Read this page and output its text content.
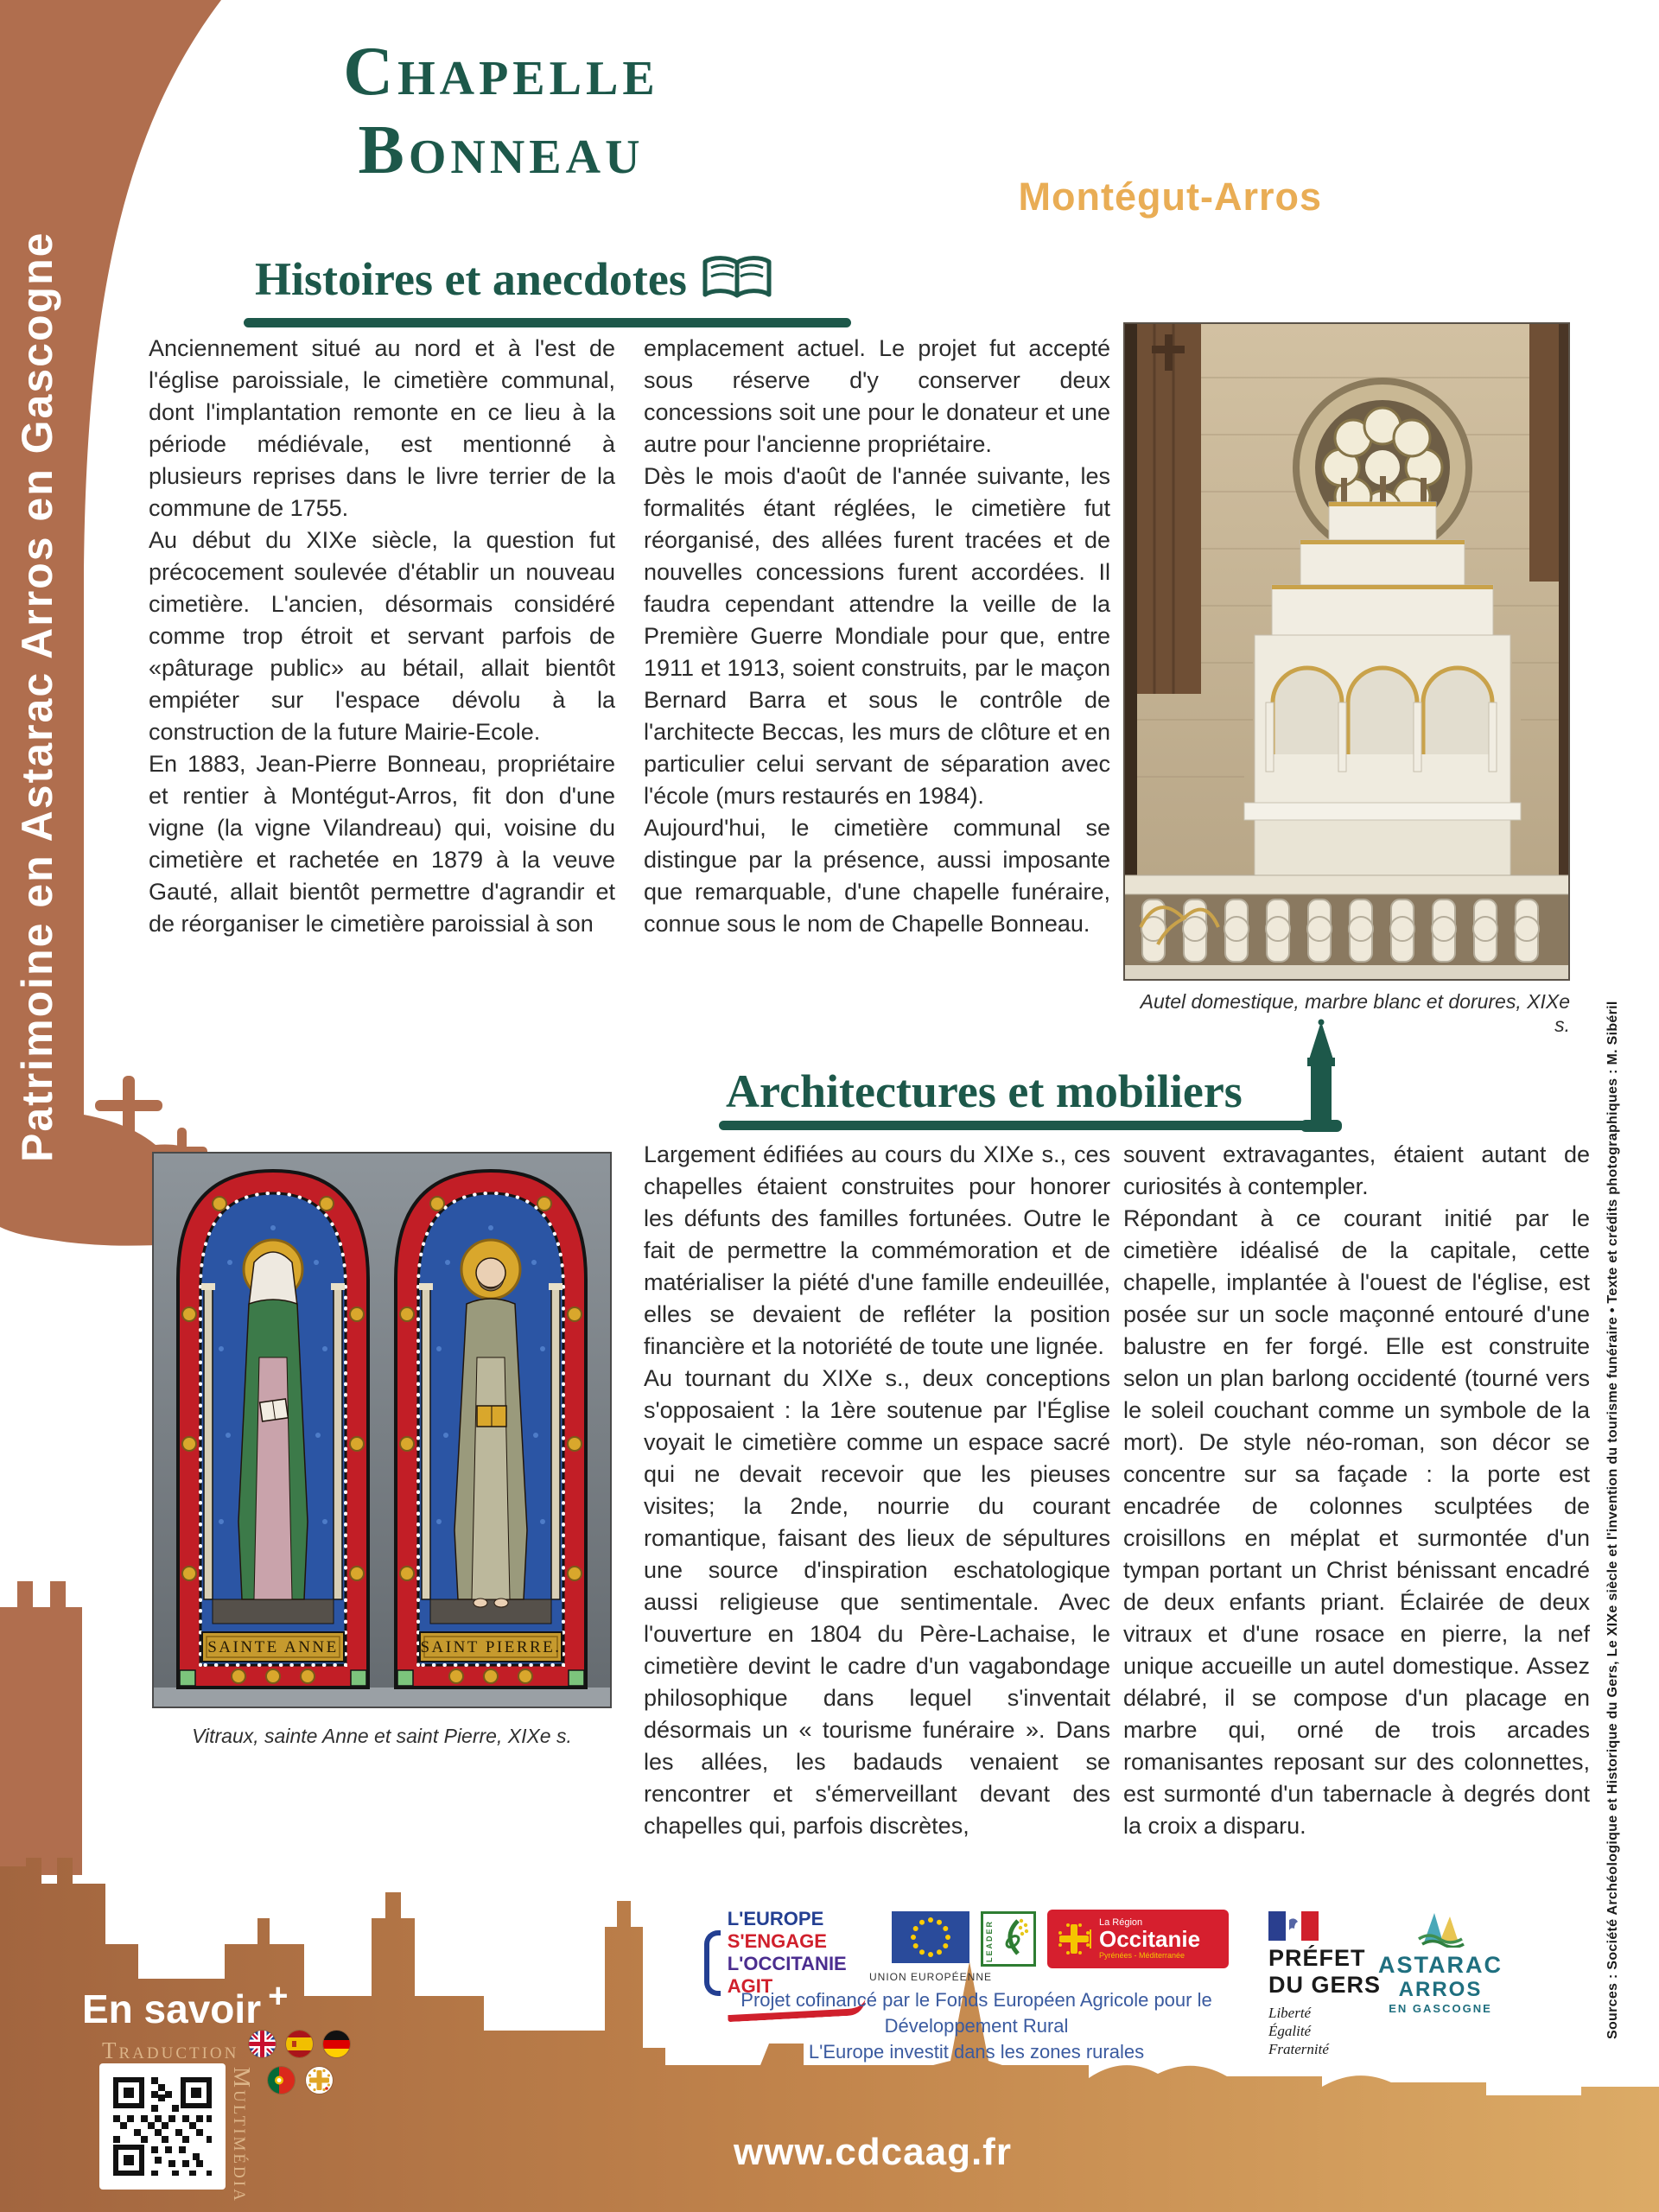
Patrimoine en Astarac Arros en Gascogne
Sources : Société Archéologique et Historique du Gers, Le XIXe siècle et l'invention du tourisme funéraire • Texte et crédits photographiques : M. Sibéril
Chapelle Bonneau
Montégut-Arros
Histoires et anecdotes

Anciennement situé au nord et à l'est de l'église paroissiale, le cimetière communal, dont l'implantation remonte en ce lieu à la période médiévale, est mentionné à plusieurs reprises dans le livre terrier de la commune de 1755.

Au début du XIXe siècle, la question fut précocement soulevée d'établir un nouveau cimetière. L'ancien, désormais considéré comme trop étroit et servant parfois de «pâturage public» au bétail, allait bientôt empiéter sur l'espace dévolu à la construction de la future Mairie-Ecole.

En 1883, Jean-Pierre Bonneau, propriétaire et rentier à Montégut-Arros, fit don d'une vigne (la vigne Vilandreau) qui, voisine du cimetière et rachetée en 1879 à la veuve Gauté, allait bientôt permettre d'agrandir et de réorganiser le cimetière paroissial à son

emplacement actuel. Le projet fut accepté sous réserve d'y conserver deux concessions soit une pour le donateur et une autre pour l'ancienne propriétaire.

Dès le mois d'août de l'année suivante, les formalités étant réglées, le cimetière fut réorganisé, des allées furent tracées et de nouvelles concessions furent accordées. Il faudra cependant attendre la veille de la Première Guerre Mondiale pour que, entre 1911 et 1913, soient construits, par le maçon Bernard Barra et sous le contrôle de l'architecte Beccas, les murs de clôture et en particulier celui servant de séparation avec l'école (murs restaurés en 1984).

Aujourd'hui, le cimetière communal se distingue par la présence, aussi imposante que remarquable, d'une chapelle funéraire, connue sous le nom de Chapelle Bonneau.

Autel domestique, marbre blanc et dorures, XIXe s.
Architectures et mobiliers
SAINTE ANNE	SAINT PIERRE.
Vitraux, sainte Anne et saint Pierre, XIXe s.

Largement édifiées au cours du XIXe s., ces chapelles étaient construites pour honorer les défunts des familles fortunées. Outre le fait de permettre la commémoration et de matérialiser la piété d'une famille endeuillée, elles se devaient de refléter la position financière et la notoriété de toute une lignée.

Au tournant du XIXe s., deux conceptions s'opposaient : la 1ère soutenue par l'Église voyait le cimetière comme un espace sacré qui ne devait recevoir que les pieuses visites; la 2nde, nourrie du courant romantique, faisant des lieux de sépultures une source d'inspiration eschatologique aussi religieuse que sentimentale. Avec l'ouverture en 1804 du Père-Lachaise, le cimetière devint le cadre d'un vagabondage philosophique dans lequel s'inventait désormais un « tourisme funéraire ». Dans les allées, les badauds venaient se rencontrer et s'émerveillant devant des chapelles qui, parfois discrètes,

souvent extravagantes, étaient autant de curiosités à contempler.

Répondant à ce courant initié par le cimetière idéalisé de la capitale, cette chapelle, implantée à l'ouest de l'église, est posée sur un socle maçonné entouré d'une balustre en fer forgé. Elle est construite selon un plan barlong occidenté (tourné vers le soleil couchant comme un symbole de la mort). De style néo-roman, son décor se concentre sur sa façade : la porte est encadrée de colonnes sculptées de croisillons en méplat et surmontée d'un tympan portant un Christ bénissant encadré de deux enfants priant. Éclairée de deux vitraux et d'une rosace en pierre, la nef unique accueille un autel domestique. Assez délabré, il se compose d'un placage en marbre qui, orné de trois arcades romanisantes reposant sur des colonnettes, est surmonté d'un tabernacle à degrés dont la croix a disparu.

L'EUROPE S'ENGAGE
L'OCCITANIE AGIT	UNION EUROPÉENNE
LEADER	La Région
Occitanie
Pyrénées - Méditerranée
Projet cofinancé par le Fonds Européen Agricole pour le Développement Rural
L'Europe investit dans les zones rurales
PRÉFET
DU GERS
Liberté
Égalité
Fraternité
ASTARAC
ARROS
EN GASCOGNE
En savoir +
Traduction
Multimédia	www.cdcaag.fr
